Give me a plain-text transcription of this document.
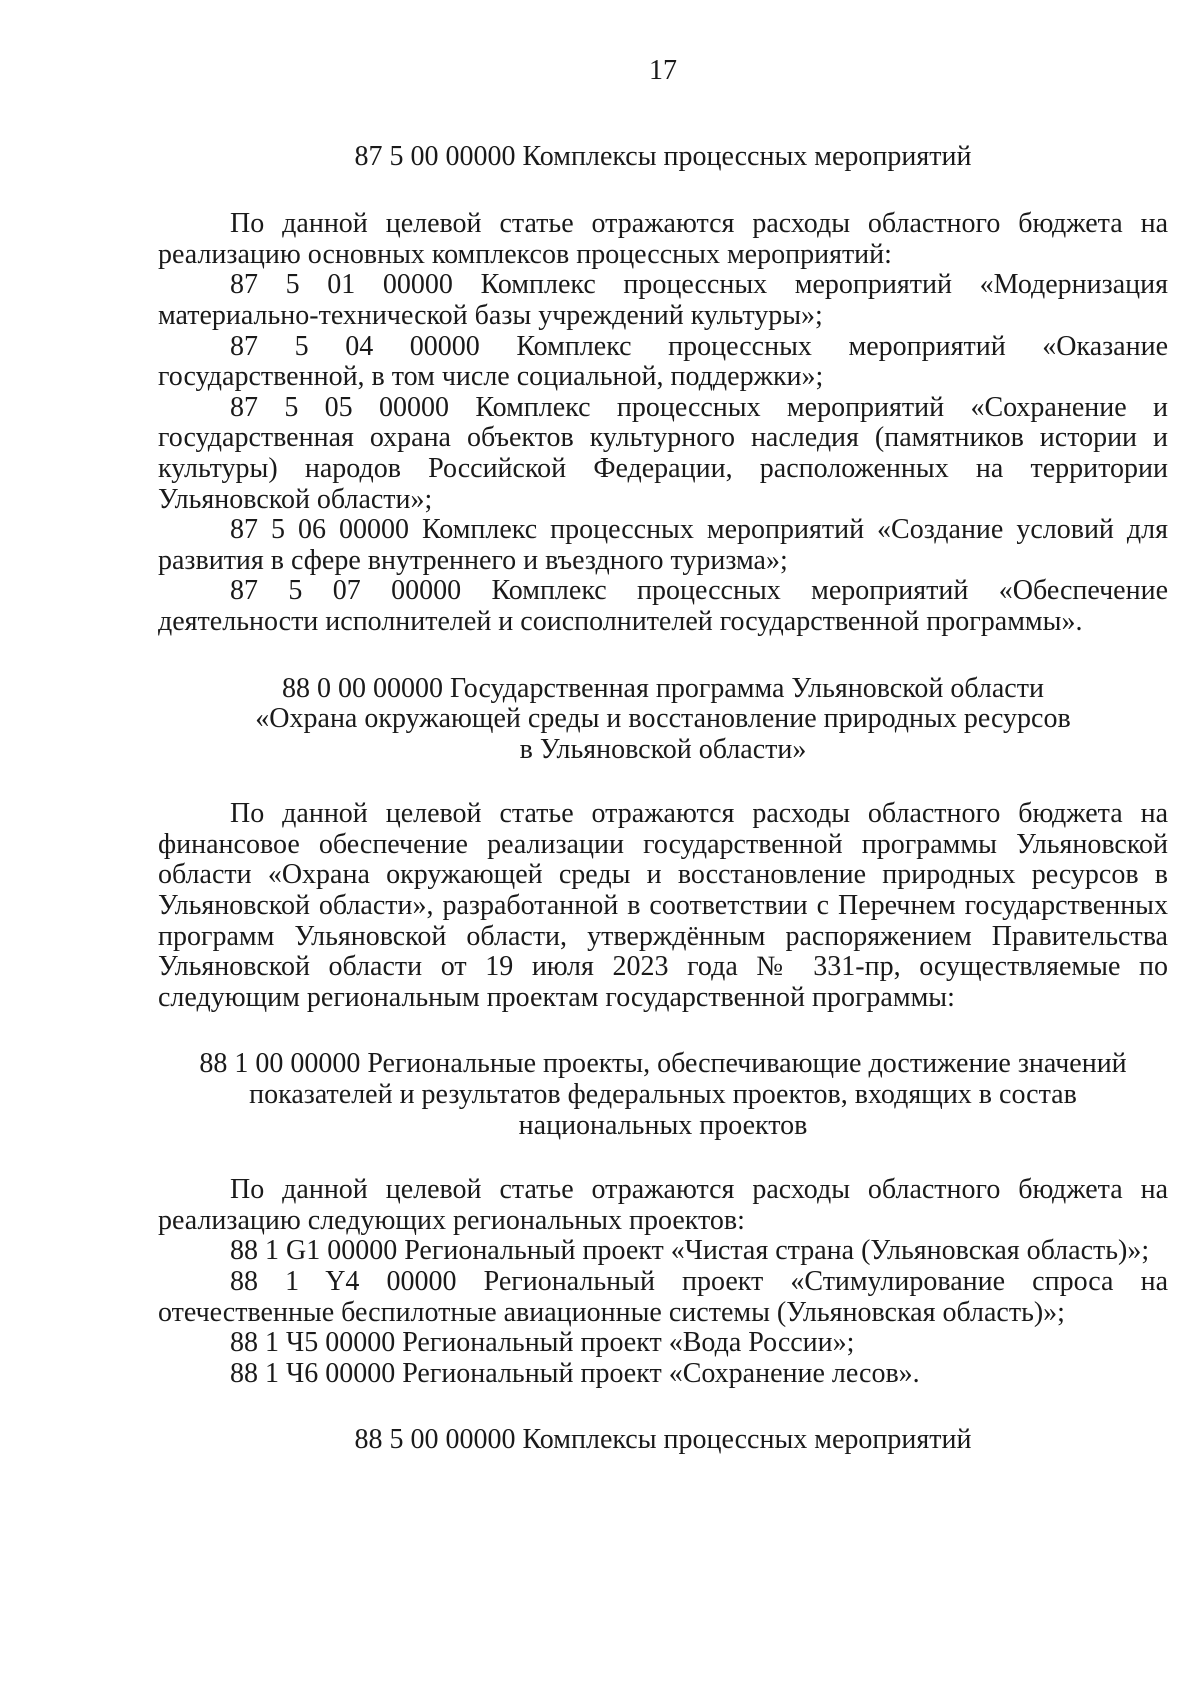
17

87 5 00 00000 Комплексы процессных мероприятий

По данной целевой статье отражаются расходы областного бюджета на реализацию основных комплексов процессных мероприятий:

87 5 01 00000 Комплекс процессных мероприятий «Модернизация материально-технической базы учреждений культуры»;

87 5 04 00000 Комплекс процессных мероприятий «Оказание государственной, в том числе социальной, поддержки»;

87 5 05 00000 Комплекс процессных мероприятий «Сохранение и государственная охрана объектов культурного наследия (памятников истории и культуры) народов Российской Федерации, расположенных на территории Ульяновской области»;

87 5 06 00000 Комплекс процессных мероприятий «Создание условий для развития в сфере внутреннего и въездного туризма»;

87 5 07 00000 Комплекс процессных мероприятий «Обеспечение деятельности исполнителей и соисполнителей государственной программы».

88 0 00 00000 Государственная программа Ульяновской области
«Охрана окружающей среды и восстановление природных ресурсов
в Ульяновской области»

По данной целевой статье отражаются расходы областного бюджета на финансовое обеспечение реализации государственной программы Ульяновской области «Охрана окружающей среды и восстановление природных ресурсов в Ульяновской области», разработанной в соответствии с Перечнем государственных программ Ульяновской области, утверждённым распоряжением Правительства Ульяновской области от 19 июля 2023 года № 331-пр, осуществляемые по следующим региональным проектам государственной программы:

88 1 00 00000 Региональные проекты, обеспечивающие достижение значений
показателей и результатов федеральных проектов, входящих в состав
национальных проектов

По данной целевой статье отражаются расходы областного бюджета на реализацию следующих региональных проектов:

88 1 G1 00000 Региональный проект «Чистая страна (Ульяновская область)»;

88 1 Y4 00000 Региональный проект «Стимулирование спроса на отечественные беспилотные авиационные системы (Ульяновская область)»;

88 1 Ч5 00000 Региональный проект «Вода России»;

88 1 Ч6 00000 Региональный проект «Сохранение лесов».

88 5 00 00000 Комплексы процессных мероприятий
